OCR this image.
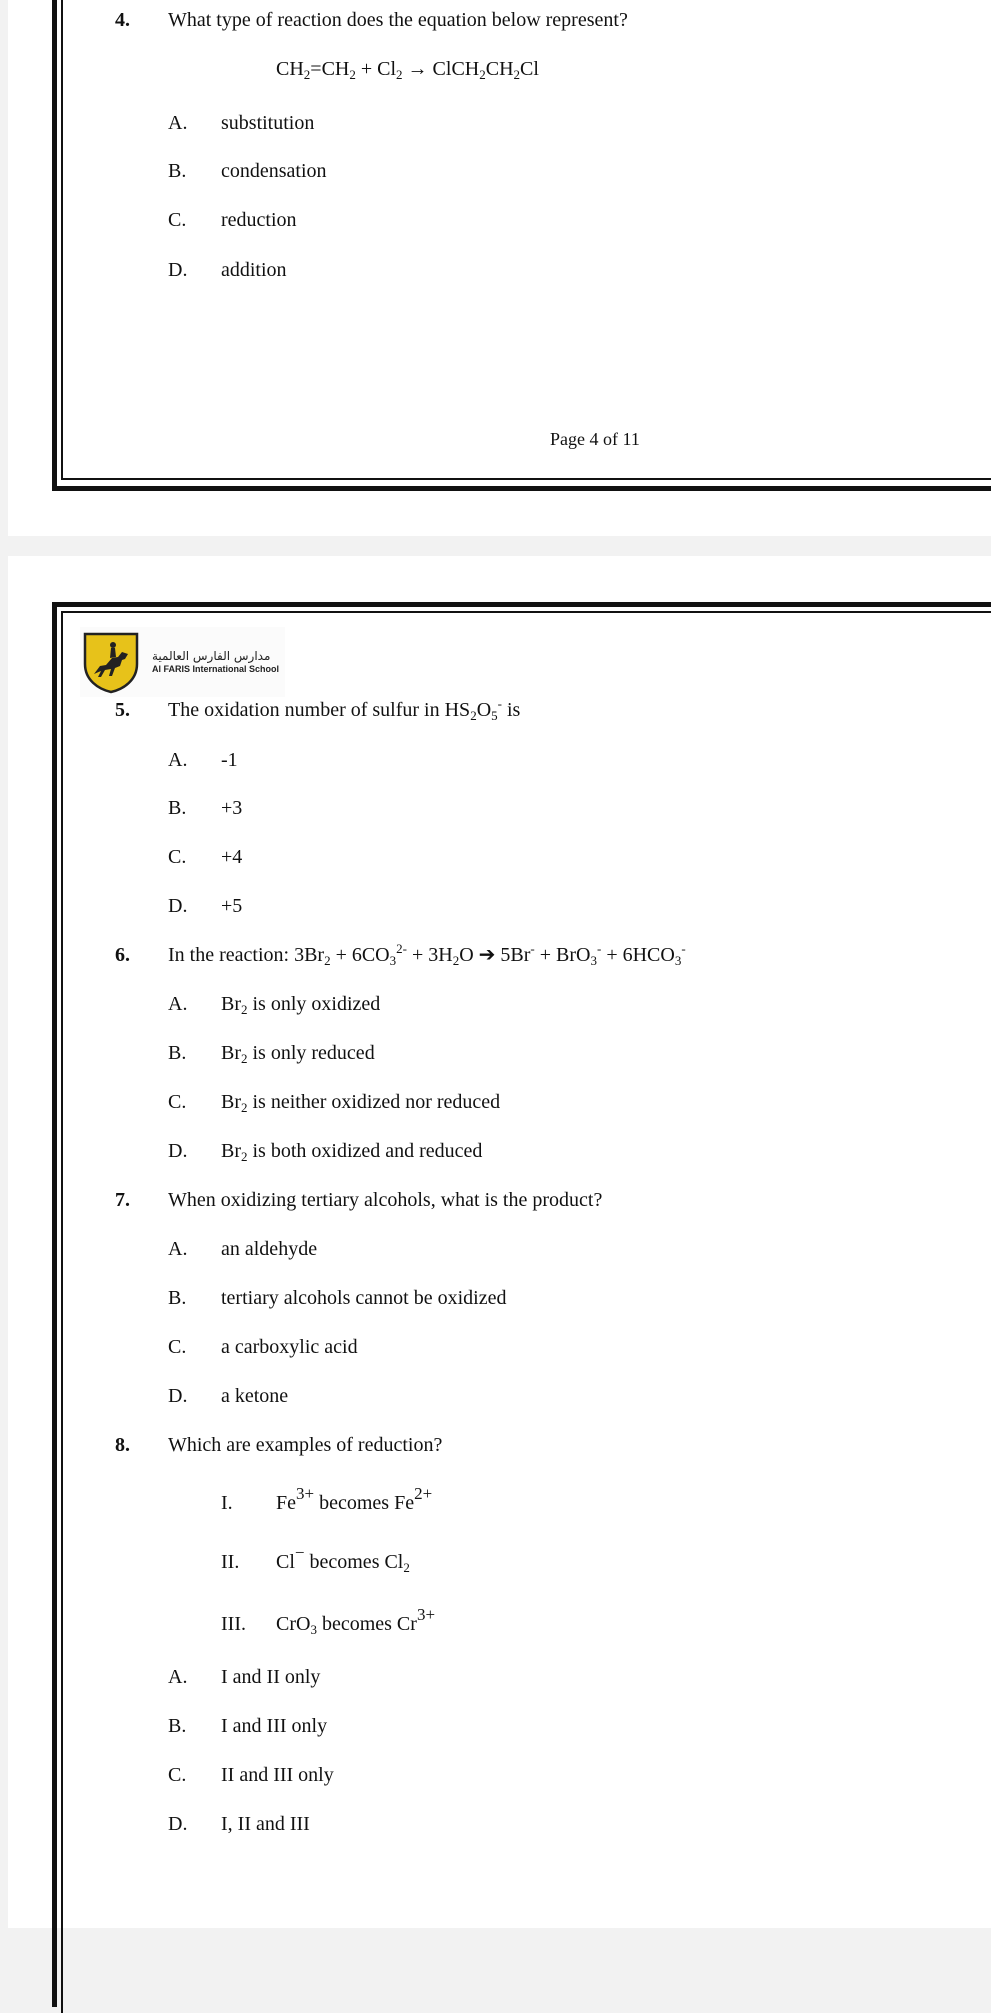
4. What type of reaction does the equation below represent?
$CH_2=CH_2 + Cl_2$ → $ClCH_2CH_2Cl$
A. substitution
B. condensation
C. reduction
D. addition
Page 4 of 11
مدارس الفارس العالمية
Al FARIS International School
5. The oxidation number of sulfur in $HS_2O_5^-$ is
A. -1
B. +3
C. +4
D. +5
6. In the reaction: $3Br_2 + 6CO_3^{2-} + 3H_2O$ ➔ $5Br^- + BrO_3^- + 6HCO_3^-$
A. $Br_2$ is only oxidized
B. $Br_2$ is only reduced
C. $Br_2$ is neither oxidized nor reduced
D. $Br_2$ is both oxidized and reduced
7. When oxidizing tertiary alcohols, what is the product?
A. an aldehyde
B. tertiary alcohols cannot be oxidized
C. a carboxylic acid
D. a ketone
8. Which are examples of reduction?
I. $Fe^{3+}$ becomes $Fe^{2+}$
II. Cl− becomes $Cl_2$
III. CrO$_3$ becomes $Cr^{3+}$
A. I and II only
B. I and III only
C. II and III only
D. I, II and III
